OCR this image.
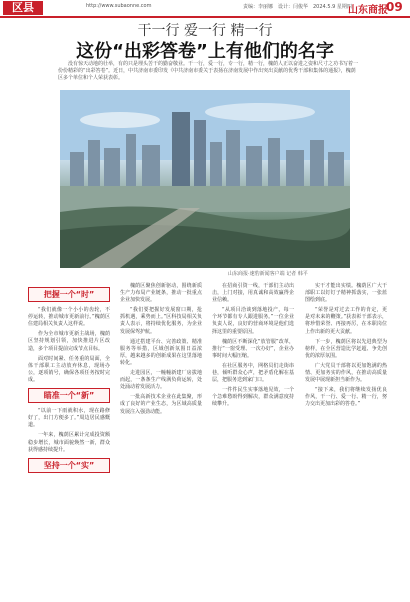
区县	http://www.subaonne.com	责编：李丽娜　设计：闫俊华　2024.5.9 星期四
山东商报
09
干一行 爱一行 精一行
这份“出彩答卷”上有他们的名字
没有惊天动地的壮举，有的只是埋头苦干的勤奋敬业。干一行，爱一行，专一行，精一行，槐荫人正以奋进之姿和尺寸之功书写着一份份精彩的“出彩答卷”。近日，中共济南市委印发《中共济南市委关于表扬在济南发展中作出突出贡献的优秀干部和集体的通报》，槐荫区多个单位和个人荣获表彰。
山东商报·速豹新闻客户端 记者 韩平
把握一个“时”

“我们就像一个小小的齿轮，不停运转，推动城市更新前行。”槐荫区住建局相关负责人这样说。

作为全市城市更新主战场，槐荫区坚持规划引领，加快推进片区改造，多个项目提前完成节点目标。

面对时间紧、任务重的局面，全体干部职工主动放弃休息，现场办公，逐项销号，确保各项任务按时完成。

瞄准一个“新”

“以前一下雨就积水，现在路修好了，出门方便多了。”周边居民感慨道。

一年来，槐荫区累计完成投资额稳步增长，城市面貌焕然一新，群众获得感持续提升。

坚持一个“实”

槐荫区聚焦创新驱动，围绕新质生产力布局产业链条，推动一批重点企业加快发展。

“我们要把握好发展窗口期，抢抓机遇，乘势而上。”区科技局相关负责人表示，将持续优化服务，为企业发展保驾护航。

通过搭建平台、完善政策、精准服务等举措，区域创新氛围日益浓厚，越来越多的创新成果在这里落地转化。

走进园区，一幢幢新建厂房拔地而起，一条条生产线满负荷运转，处处涌动着发展活力。

一批高新技术企业在此集聚，形成了良好的产业生态，为区域高质量发展注入强劲动能。

在招商引资一线，干部们主动出击，上门对接，用真诚和高效赢得企业信赖。

“从项目洽谈到落地投产，每一个环节都有专人跟进服务。”一位企业负责人说，良好的营商环境是他们选择这里的重要原因。

槐荫区不断深化“放管服”改革，推行“一窗受理、一次办好”，企业办事时间大幅压缩。

在社区服务中，网格员们走街串巷，倾听群众心声，把矛盾化解在基层，把服务送到家门口。

一件件民生实事落地见效，一个个急难愁盼得到解决，群众满意度持续攀升。

实干才能出实绩。槐荫区广大干部职工以钉钉子精神抓落实，一张蓝图绘到底。

“荣誉是对过去工作的肯定，更是对未来的鞭策。”获表彰干部表示，将珍惜荣誉、再接再厉，在本职岗位上作出新的更大贡献。

下一步，槐荫区将以先进典型为榜样，在全区营造比学赶超、争先创优的浓厚氛围。

广大党员干部将以更加饱满的热情、更加务实的作风，在推动高质量发展中展现新担当新作为。

“接下来，我们将继续发扬优良作风，干一行、爱一行、精一行，努力交出更加出彩的答卷。”
